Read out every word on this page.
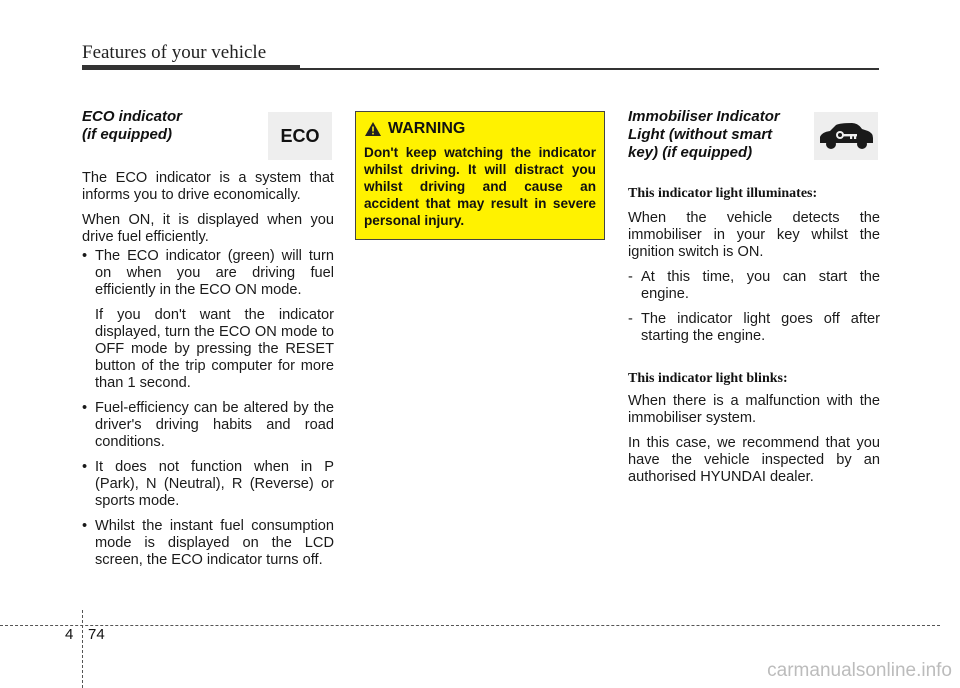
Features of your vehicle
ECO indicator
(if equipped)

The ECO indicator is a system that informs you to drive economically.

When ON, it is displayed when you drive fuel efficiently.

• The ECO indicator (green) will turn on when you are driving fuel efficiently in the ECO ON mode.

If you don't want the indicator displayed, turn the ECO ON mode to OFF mode by pressing the RESET button of the trip computer for more than 1 second.

• Fuel-efficiency can be altered by the driver's driving habits and road conditions.
• It does not function when in P (Park), N (Neutral), R (Reverse) or sports mode.
• Whilst the instant fuel consumption mode is displayed on the LCD screen, the ECO indicator turns off.
ECO	WARNING
Don't keep watching the indicator whilst driving. It will distract you whilst driving and cause an accident that may result in severe personal injury.
Immobiliser Indicator
Light (without smart
key) (if equipped)
This indicator light illuminates:

When the vehicle detects the immobiliser in your key whilst the ignition switch is ON.

- At this time, you can start the engine.
- The indicator light goes off after starting the engine.
This indicator light blinks:

When there is a malfunction with the immobiliser system.

In this case, we recommend that you have the vehicle inspected by an authorised HYUNDAI dealer.

4 74
carmanualsonline.info
